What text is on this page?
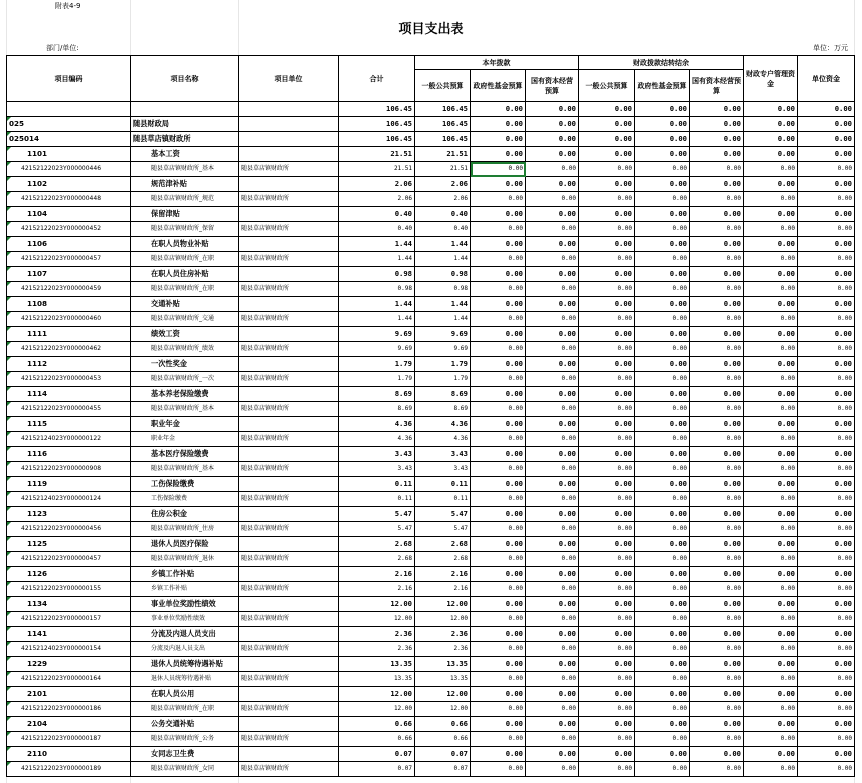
附表4-9
项目支出表
部门/单位:	单位：万元
项目编码	项目名称	项目单位	合计	本年拨款			财政拨款结转结余			财政专户管理资金	单位资金
				一般公共预算	政府性基金预算	国有资本经营预算	一般公共预算	政府性基金预算	国有资本经营预算		
			106.45	106.45	0.00	0.00	0.00	0.00	0.00	0.00	0.00
025	随县财政局		106.45	106.45	0.00	0.00	0.00	0.00	0.00	0.00	0.00
025014	随县草店镇财政所		106.45	106.45	0.00	0.00	0.00	0.00	0.00	0.00	0.00
1101	基本工资		21.51	21.51	0.00	0.00	0.00	0.00	0.00	0.00	0.00
42152122023Y000000446	随县草店镇财政所_基本	随县草店镇财政所	21.51	21.51	0.00	0.00	0.00	0.00	0.00	0.00	0.00
1102	规范津补贴		2.06	2.06	0.00	0.00	0.00	0.00	0.00	0.00	0.00
42152122023Y000000448	随县草店镇财政所_规范	随县草店镇财政所	2.06	2.06	0.00	0.00	0.00	0.00	0.00	0.00	0.00
1104	保留津贴		0.40	0.40	0.00	0.00	0.00	0.00	0.00	0.00	0.00
42152122023Y000000452	随县草店镇财政所_保留	随县草店镇财政所	0.40	0.40	0.00	0.00	0.00	0.00	0.00	0.00	0.00
1106	在职人员物业补贴		1.44	1.44	0.00	0.00	0.00	0.00	0.00	0.00	0.00
42152122023Y000000457	随县草店镇财政所_在职	随县草店镇财政所	1.44	1.44	0.00	0.00	0.00	0.00	0.00	0.00	0.00
1107	在职人员住房补贴		0.98	0.98	0.00	0.00	0.00	0.00	0.00	0.00	0.00
42152122023Y000000459	随县草店镇财政所_在职	随县草店镇财政所	0.98	0.98	0.00	0.00	0.00	0.00	0.00	0.00	0.00
1108	交通补贴		1.44	1.44	0.00	0.00	0.00	0.00	0.00	0.00	0.00
42152122023Y000000460	随县草店镇财政所_交通	随县草店镇财政所	1.44	1.44	0.00	0.00	0.00	0.00	0.00	0.00	0.00
1111	绩效工资		9.69	9.69	0.00	0.00	0.00	0.00	0.00	0.00	0.00
42152122023Y000000462	随县草店镇财政所_绩效	随县草店镇财政所	9.69	9.69	0.00	0.00	0.00	0.00	0.00	0.00	0.00
1112	一次性奖金		1.79	1.79	0.00	0.00	0.00	0.00	0.00	0.00	0.00
42152122023Y000000453	随县草店镇财政所_一次	随县草店镇财政所	1.79	1.79	0.00	0.00	0.00	0.00	0.00	0.00	0.00
1114	基本养老保险缴费		8.69	8.69	0.00	0.00	0.00	0.00	0.00	0.00	0.00
42152122023Y000000455	随县草店镇财政所_基本	随县草店镇财政所	8.69	8.69	0.00	0.00	0.00	0.00	0.00	0.00	0.00
1115	职业年金		4.36	4.36	0.00	0.00	0.00	0.00	0.00	0.00	0.00
42152124023Y000000122	职业年金	随县草店镇财政所	4.36	4.36	0.00	0.00	0.00	0.00	0.00	0.00	0.00
1116	基本医疗保险缴费		3.43	3.43	0.00	0.00	0.00	0.00	0.00	0.00	0.00
42152122023Y000000908	随县草店镇财政所_基本	随县草店镇财政所	3.43	3.43	0.00	0.00	0.00	0.00	0.00	0.00	0.00
1119	工伤保险缴费		0.11	0.11	0.00	0.00	0.00	0.00	0.00	0.00	0.00
42152124023Y000000124	工伤保险缴费	随县草店镇财政所	0.11	0.11	0.00	0.00	0.00	0.00	0.00	0.00	0.00
1123	住房公积金		5.47	5.47	0.00	0.00	0.00	0.00	0.00	0.00	0.00
42152122023Y000000456	随县草店镇财政所_住房	随县草店镇财政所	5.47	5.47	0.00	0.00	0.00	0.00	0.00	0.00	0.00
1125	退休人员医疗保险		2.68	2.68	0.00	0.00	0.00	0.00	0.00	0.00	0.00
42152122023Y000000457	随县草店镇财政所_退休	随县草店镇财政所	2.68	2.68	0.00	0.00	0.00	0.00	0.00	0.00	0.00
1126	乡镇工作补贴		2.16	2.16	0.00	0.00	0.00	0.00	0.00	0.00	0.00
42152122023Y000000155	乡镇工作补贴	随县草店镇财政所	2.16	2.16	0.00	0.00	0.00	0.00	0.00	0.00	0.00
1134	事业单位奖励性绩效		12.00	12.00	0.00	0.00	0.00	0.00	0.00	0.00	0.00
42152122023Y000000157	事业单位奖励性绩效	随县草店镇财政所	12.00	12.00	0.00	0.00	0.00	0.00	0.00	0.00	0.00
1141	分流及内退人员支出		2.36	2.36	0.00	0.00	0.00	0.00	0.00	0.00	0.00
42152124023Y000000154	分流及内退人员支出	随县草店镇财政所	2.36	2.36	0.00	0.00	0.00	0.00	0.00	0.00	0.00
1229	退休人员统筹待遇补贴		13.35	13.35	0.00	0.00	0.00	0.00	0.00	0.00	0.00
42152122023Y000000164	退休人员统筹待遇补贴	随县草店镇财政所	13.35	13.35	0.00	0.00	0.00	0.00	0.00	0.00	0.00
2101	在职人员公用		12.00	12.00	0.00	0.00	0.00	0.00	0.00	0.00	0.00
42152122023Y000000186	随县草店镇财政所_在职	随县草店镇财政所	12.00	12.00	0.00	0.00	0.00	0.00	0.00	0.00	0.00
2104	公务交通补贴		0.66	0.66	0.00	0.00	0.00	0.00	0.00	0.00	0.00
42152122023Y000000187	随县草店镇财政所_公务	随县草店镇财政所	0.66	0.66	0.00	0.00	0.00	0.00	0.00	0.00	0.00
2110	女同志卫生费		0.07	0.07	0.00	0.00	0.00	0.00	0.00	0.00	0.00
42152122023Y000000189	随县草店镇财政所_女同	随县草店镇财政所	0.07	0.07	0.00	0.00	0.00	0.00	0.00	0.00	0.00
